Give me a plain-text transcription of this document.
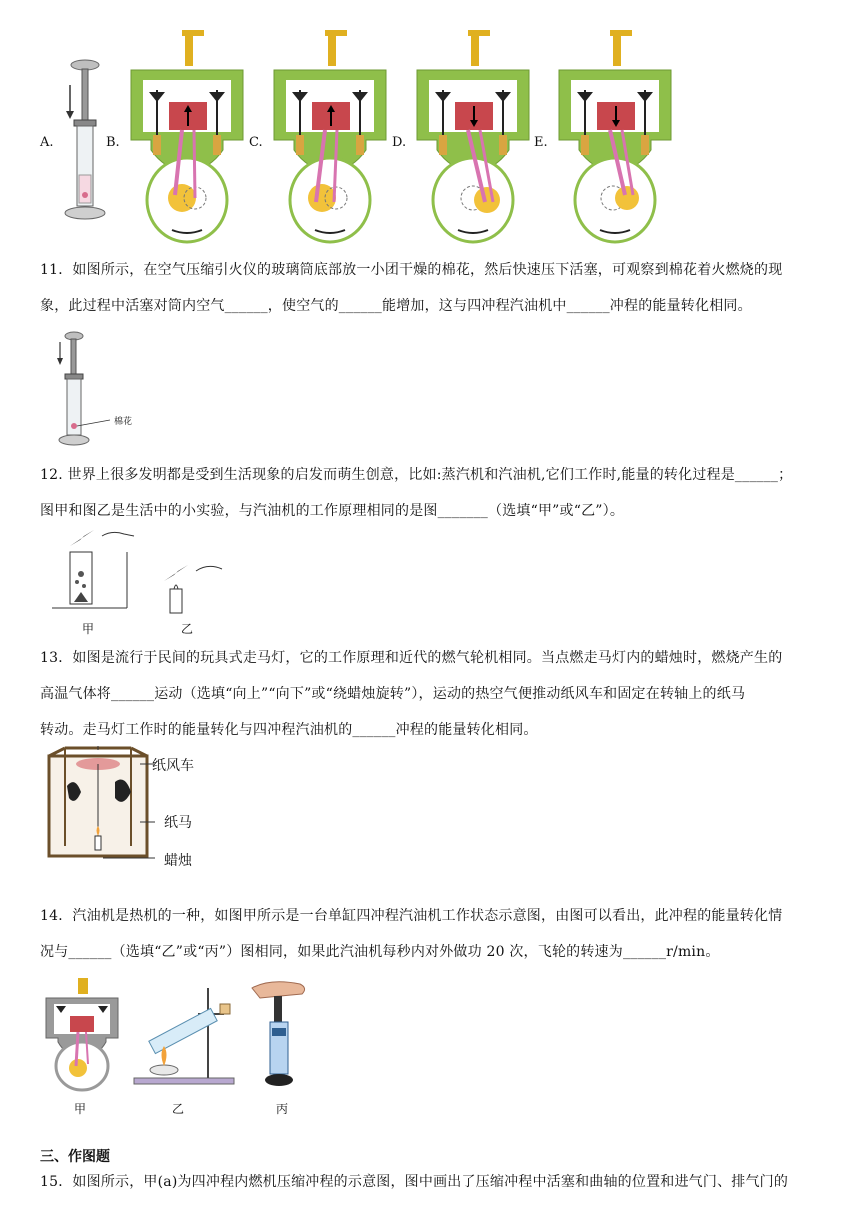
A.	B.	C.	D.	E.
11．如图所示，在空气压缩引火仪的玻璃筒底部放一小团干燥的棉花，然后快速压下活塞，可观察到棉花着火燃烧的现
象，此过程中活塞对筒内空气______，使空气的______能增加，这与四冲程汽油机中______冲程的能量转化相同。
棉花
12. 世界上很多发明都是受到生活现象的启发而萌生创意，比如:蒸汽机和汽油机,它们工作时,能量的转化过程是______；
图甲和图乙是生活中的小实验，与汽油机的工作原理相同的是图_______（选填“甲”或“乙”）。
甲	乙
13．如图是流行于民间的玩具式走马灯，它的工作原理和近代的燃气轮机相同。当点燃走马灯内的蜡烛时，燃烧产生的
高温气体将______运动（选填“向上”“向下”或“绕蜡烛旋转”），运动的热空气便推动纸风车和固定在转轴上的纸马
转动。走马灯工作时的能量转化与四冲程汽油机的______冲程的能量转化相同。
纸风车
纸马
蜡烛
14．汽油机是热机的一种，如图甲所示是一台单缸四冲程汽油机工作状态示意图，由图可以看出，此冲程的能量转化情
况与______（选填“乙”或“丙”）图相同，如果此汽油机每秒内对外做功 20 次，飞轮的转速为______r/min。
甲	乙	丙
三、作图题
15．如图所示，甲(a)为四冲程内燃机压缩冲程的示意图，图中画出了压缩冲程中活塞和曲轴的位置和进气门、排气门的
